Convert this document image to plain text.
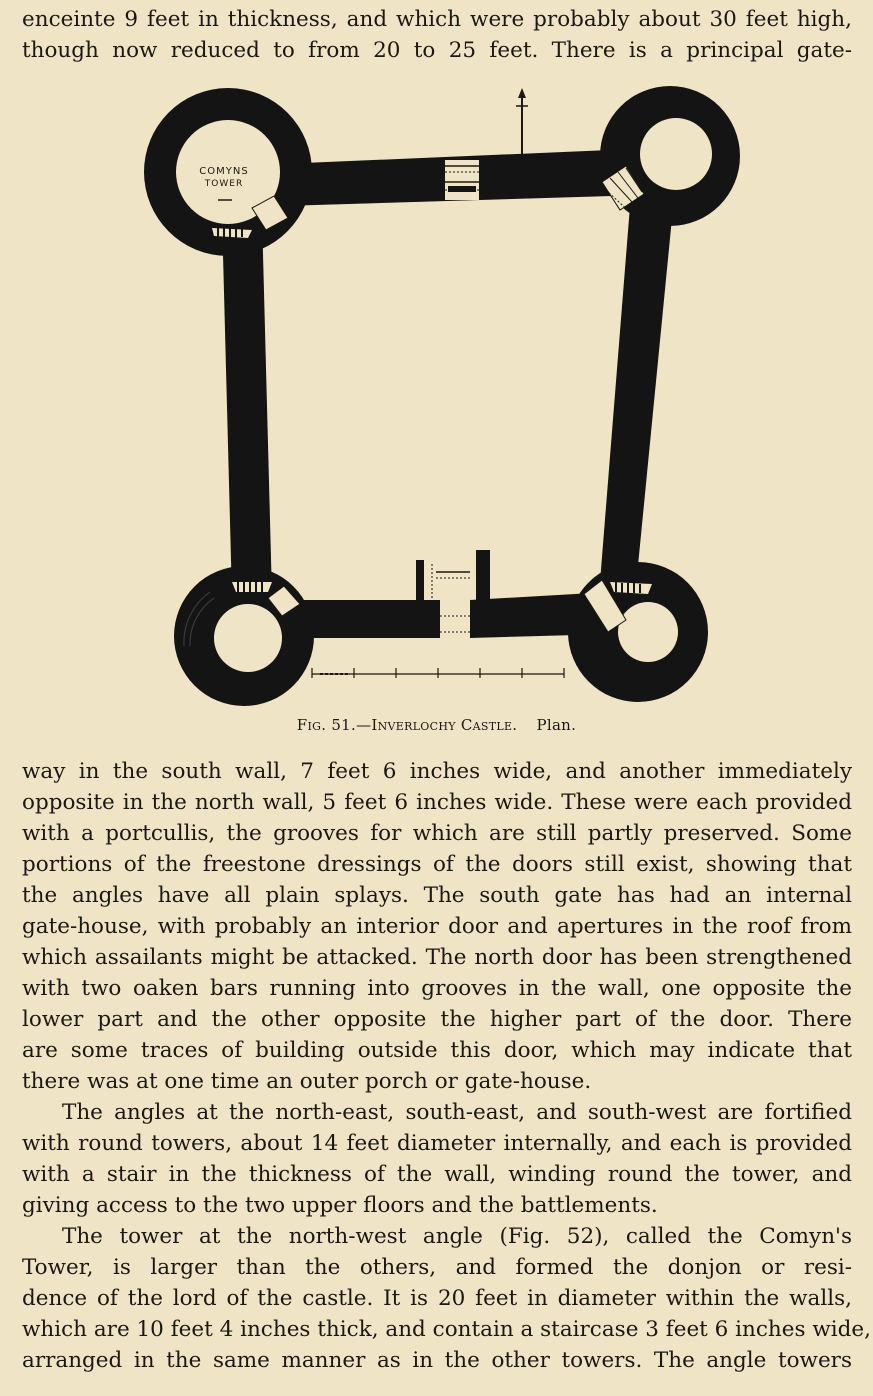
enceinte 9 feet in thickness, and which were probably about 30 feet high,
though now reduced to from 20 to 25 feet. There is a principal gate-
COMYNS
TOWER
Fig. 51.—Inverlochy Castle. Plan.
way in the south wall, 7 feet 6 inches wide, and another immediately
opposite in the north wall, 5 feet 6 inches wide. These were each provided
with a portcullis, the grooves for which are still partly preserved. Some
portions of the freestone dressings of the doors still exist, showing that
the angles have all plain splays. The south gate has had an internal
gate-house, with probably an interior door and apertures in the roof from
which assailants might be attacked. The north door has been strengthened
with two oaken bars running into grooves in the wall, one opposite the
lower part and the other opposite the higher part of the door. There
are some traces of building outside this door, which may indicate that
there was at one time an outer porch or gate-house.
The angles at the north-east, south-east, and south-west are fortified
with round towers, about 14 feet diameter internally, and each is provided
with a stair in the thickness of the wall, winding round the tower, and
giving access to the two upper floors and the battlements.
The tower at the north-west angle (Fig. 52), called the Comyn's
Tower, is larger than the others, and formed the donjon or resi-
dence of the lord of the castle. It is 20 feet in diameter within the walls,
which are 10 feet 4 inches thick, and contain a staircase 3 feet 6 inches wide,
arranged in the same manner as in the other towers. The angle towers
